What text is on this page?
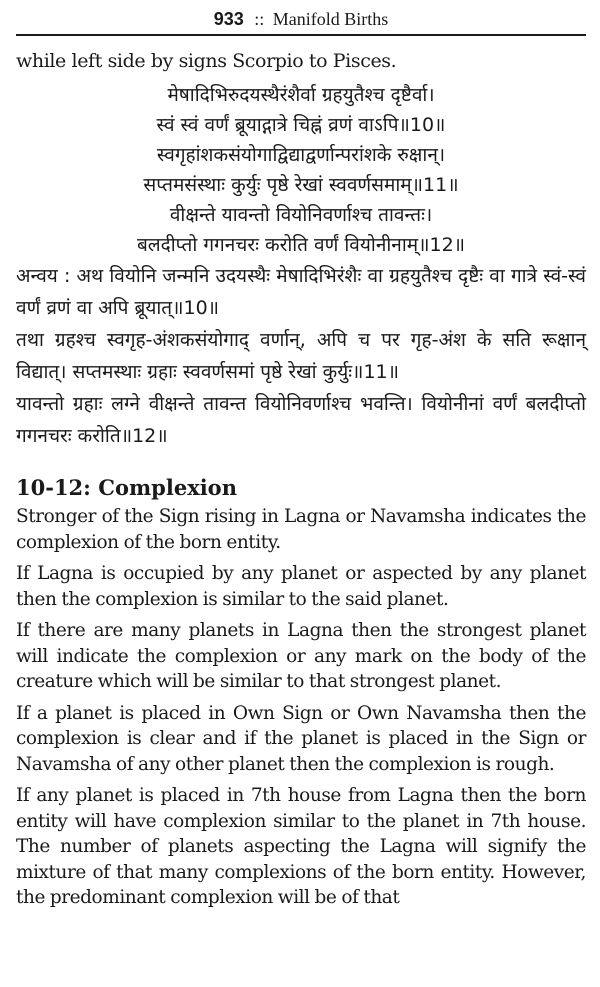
933 :: Manifold Births
while left side by signs Scorpio to Pisces.
मेषादिभिरुदयस्थैरंशैर्वा ग्रहयुतैश्च दृष्टैर्वा।
स्वं स्वं वर्णं ब्रूयाद्गात्रे चिह्नं व्रणं वाऽपि॥10॥
स्वगृहांशकसंयोगाद्विद्याद्वर्णान्परांशके रुक्षान्।
सप्तमसंस्थाः कुर्युः पृष्ठे रेखां स्ववर्णसमाम्॥11॥
वीक्षन्ते यावन्तो वियोनिवर्णाश्च तावन्तः।
बलदीप्तो गगनचरः करोति वर्णं वियोनीनाम्॥12॥

अन्वय : अथ वियोनि जन्मनि उदयस्थैः मेषादिभिरंशैः वा ग्रहयुतैश्च दृष्टैः वा गात्रे स्वं-स्वं वर्णं व्रणं वा अपि ब्रूयात्॥10॥

तथा ग्रहश्च स्वगृह-अंशकसंयोगाद् वर्णान्, अपि च पर गृह-अंश के सति रूक्षान् विद्यात्। सप्तमस्थाः ग्रहाः स्ववर्णसमां पृष्ठे रेखां कुर्युः॥11॥

यावन्तो ग्रहाः लग्ने वीक्षन्ते तावन्त वियोनिवर्णाश्च भवन्ति। वियोनीनां वर्णं बलदीप्तो गगनचरः करोति॥12॥

10-12: Complexion

Stronger of the Sign rising in Lagna or Navamsha indicates the complexion of the born entity.

If Lagna is occupied by any planet or aspected by any planet then the complexion is similar to the said planet.

If there are many planets in Lagna then the strongest planet will indicate the complexion or any mark on the body of the creature which will be similar to that strongest planet.

If a planet is placed in Own Sign or Own Navamsha then the complexion is clear and if the planet is placed in the Sign or Navamsha of any other planet then the complexion is rough.

If any planet is placed in 7th house from Lagna then the born entity will have complexion similar to the planet in 7th house. The number of planets aspecting the Lagna will signify the mixture of that many complexions of the born entity. However, the predominant complexion will be of that
